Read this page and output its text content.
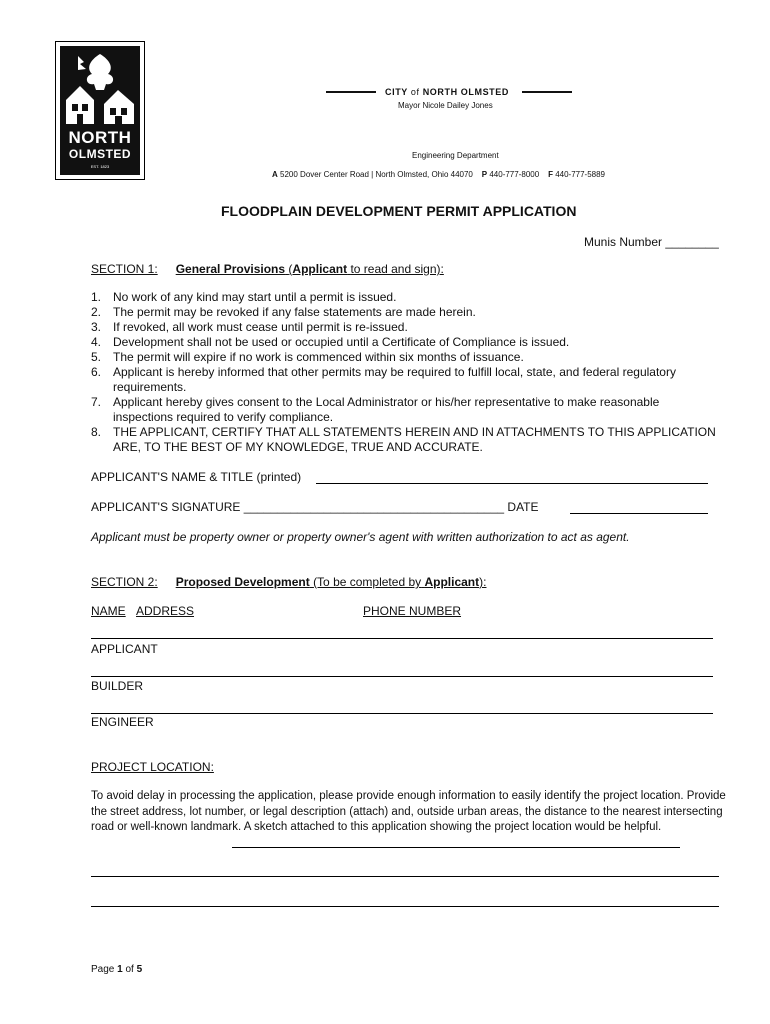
NORTH
OLMSTED
EST. 1823
CITY of NORTH OLMSTED
Mayor Nicole Dailey Jones
Engineering Department
A 5200 Dover Center Road | North Olmsted, Ohio 44070 P 440-777-8000 F 440-777-5889
FLOODPLAIN DEVELOPMENT PERMIT APPLICATION
Munis Number ________
SECTION 1: General Provisions (Applicant to read and sign):
1. No work of any kind may start until a permit is issued.
2. The permit may be revoked if any false statements are made herein.
3. If revoked, all work must cease until permit is re-issued.
4. Development shall not be used or occupied until a Certificate of Compliance is issued.
5. The permit will expire if no work is commenced within six months of issuance.
6. Applicant is hereby informed that other permits may be required to fulfill local, state, and federal regulatory requirements.
7. Applicant hereby gives consent to the Local Administrator or his/her representative to make reasonable inspections required to verify compliance.
8. THE APPLICANT, CERTIFY THAT ALL STATEMENTS HEREIN AND IN ATTACHMENTS TO THIS APPLICATION ARE, TO THE BEST OF MY KNOWLEDGE, TRUE AND ACCURATE.
APPLICANT'S NAME & TITLE (printed)
APPLICANT'S SIGNATURE _______________________________________ DATE
Applicant must be property owner or property owner's agent with written authorization to act as agent.
SECTION 2: Proposed Development (To be completed by Applicant):
NAME ADDRESS	PHONE NUMBER
APPLICANT
BUILDER
ENGINEER
PROJECT LOCATION:
To avoid delay in processing the application, please provide enough information to easily identify the project location. Provide the street address, lot number, or legal description (attach) and, outside urban areas, the distance to the nearest intersecting road or well-known landmark. A sketch attached to this application showing the project location would be helpful.
Page 1 of 5
